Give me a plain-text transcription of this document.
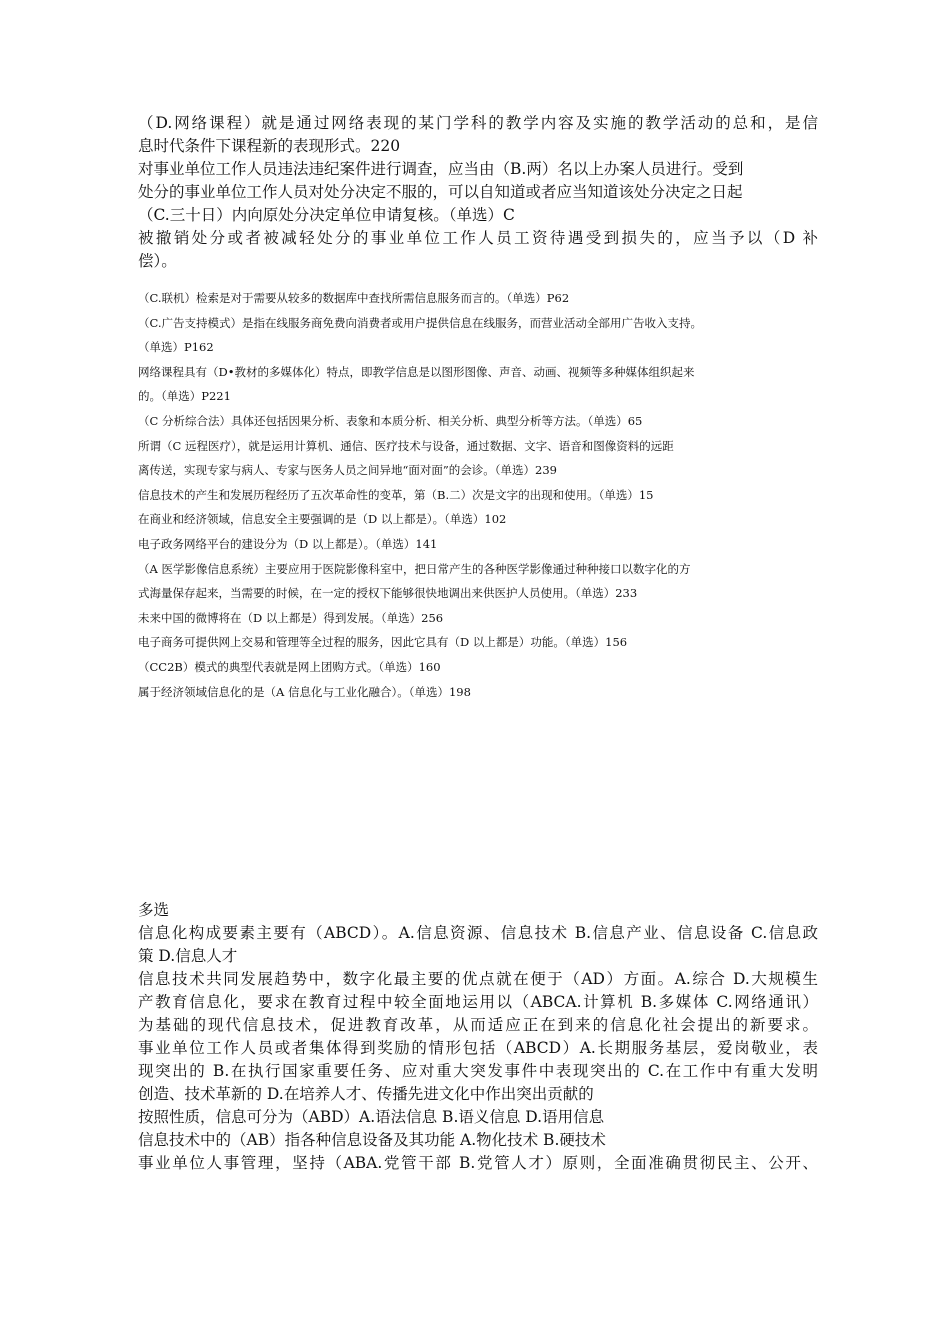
（D.网络课程）就是通过网络表现的某门学科的教学内容及实施的教学活动的总和，是信

息时代条件下课程新的表现形式。220

对事业单位工作人员违法违纪案件进行调查，应当由（B.两）名以上办案人员进行。受到

处分的事业单位工作人员对处分决定不服的，可以自知道或者应当知道该处分决定之日起

（C.三十日）内向原处分决定单位申请复核。（单选）C

被撤销处分或者被减轻处分的事业单位工作人员工资待遇受到损失的，应当予以（D 补

偿）。

（C.联机）检索是对于需要从较多的数据库中查找所需信息服务而言的。（单选）P62

（C.广告支持模式）是指在线服务商免费向消费者或用户提供信息在线服务，而营业活动全部用广告收入支持。

（单选）P162

网络课程具有（D•教材的多媒体化）特点，即教学信息是以图形图像、声音、动画、视频等多种媒体组织起来

的。（单选）P221

（C 分析综合法）具体还包括因果分析、表象和本质分析、相关分析、典型分析等方法。（单选）65

所谓（C 远程医疗），就是运用计算机、通信、医疗技术与设备，通过数据、文字、语音和图像资料的远距

离传送，实现专家与病人、专家与医务人员之间异地“面对面”的会诊。（单选）239

信息技术的产生和发展历程经历了五次革命性的变革，第（B.二）次是文字的出现和使用。（单选）15

在商业和经济领域，信息安全主要强调的是（D 以上都是）。（单选）102

电子政务网络平台的建设分为（D 以上都是）。（单选）141

（A 医学影像信息系统）主要应用于医院影像科室中，把日常产生的各种医学影像通过种种接口以数字化的方

式海量保存起来，当需要的时候，在一定的授权下能够很快地调出来供医护人员使用。（单选）233

未来中国的微博将在（D 以上都是）得到发展。（单选）256

电子商务可提供网上交易和管理等全过程的服务，因此它具有（D 以上都是）功能。（单选）156

（CC2B）模式的典型代表就是网上团购方式。（单选）160

属于经济领域信息化的是（A 信息化与工业化融合）。（单选）198

多选

信息化构成要素主要有（ABCD）。A.信息资源、信息技术 B.信息产业、信息设备 C.信息政

策 D.信息人才

信息技术共同发展趋势中，数字化最主要的优点就在便于（AD）方面。A.综合 D.大规模生

产教育信息化，要求在教育过程中较全面地运用以（ABCA.计算机 B.多媒体 C.网络通讯）

为基础的现代信息技术，促进教育改革，从而适应正在到来的信息化社会提出的新要求。

事业单位工作人员或者集体得到奖励的情形包括（ABCD）A.长期服务基层，爱岗敬业，表

现突出的 B.在执行国家重要任务、应对重大突发事件中表现突出的 C.在工作中有重大发明

创造、技术革新的 D.在培养人才、传播先进文化中作出突出贡献的

按照性质，信息可分为（ABD）A.语法信息 B.语义信息 D.语用信息

信息技术中的（AB）指各种信息设备及其功能 A.物化技术 B.硬技术

事业单位人事管理，坚持（ABA.党管干部 B.党管人才）原则，全面准确贯彻民主、公开、
